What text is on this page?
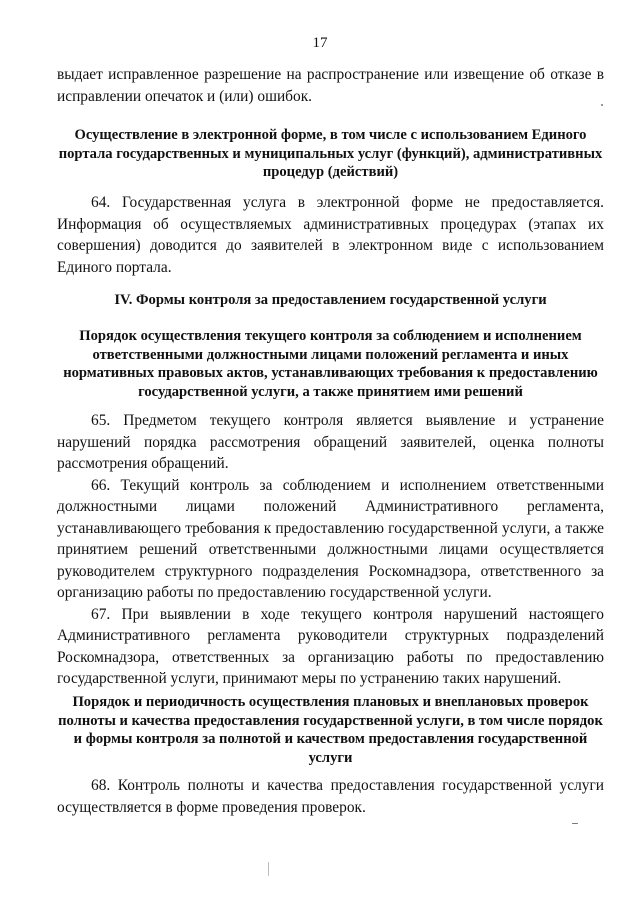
17

выдает исправленное разрешение на распространение или извещение об отказе в исправлении опечаток и (или) ошибок.

Осуществление в электронной форме, в том числе с использованием Единого портала государственных и муниципальных услуг (функций), административных процедур (действий)

64. Государственная услуга в электронной форме не предоставляется. Информация об осуществляемых административных процедурах (этапах их совершения) доводится до заявителей в электронном виде с использованием Единого портала.

IV. Формы контроля за предоставлением государственной услуги
Порядок осуществления текущего контроля за соблюдением и исполнением ответственными должностными лицами положений регламента и иных нормативных правовых актов, устанавливающих требования к предоставлению государственной услуги, а также принятием ими решений

65. Предметом текущего контроля является выявление и устранение нарушений порядка рассмотрения обращений заявителей, оценка полноты рассмотрения обращений.

66. Текущий контроль за соблюдением и исполнением ответственными должностными лицами положений Административного регламента, устанавливающего требования к предоставлению государственной услуги, а также принятием решений ответственными должностными лицами осуществляется руководителем структурного подразделения Роскомнадзора, ответственного за организацию работы по предоставлению государственной услуги.

67. При выявлении в ходе текущего контроля нарушений настоящего Административного регламента руководители структурных подразделений Роскомнадзора, ответственных за организацию работы по предоставлению государственной услуги, принимают меры по устранению таких нарушений.

Порядок и периодичность осуществления плановых и внеплановых проверок полноты и качества предоставления государственной услуги, в том числе порядок и формы контроля за полнотой и качеством предоставления государственной услуги

68. Контроль полноты и качества предоставления государственной услуги осуществляется в форме проведения проверок.
